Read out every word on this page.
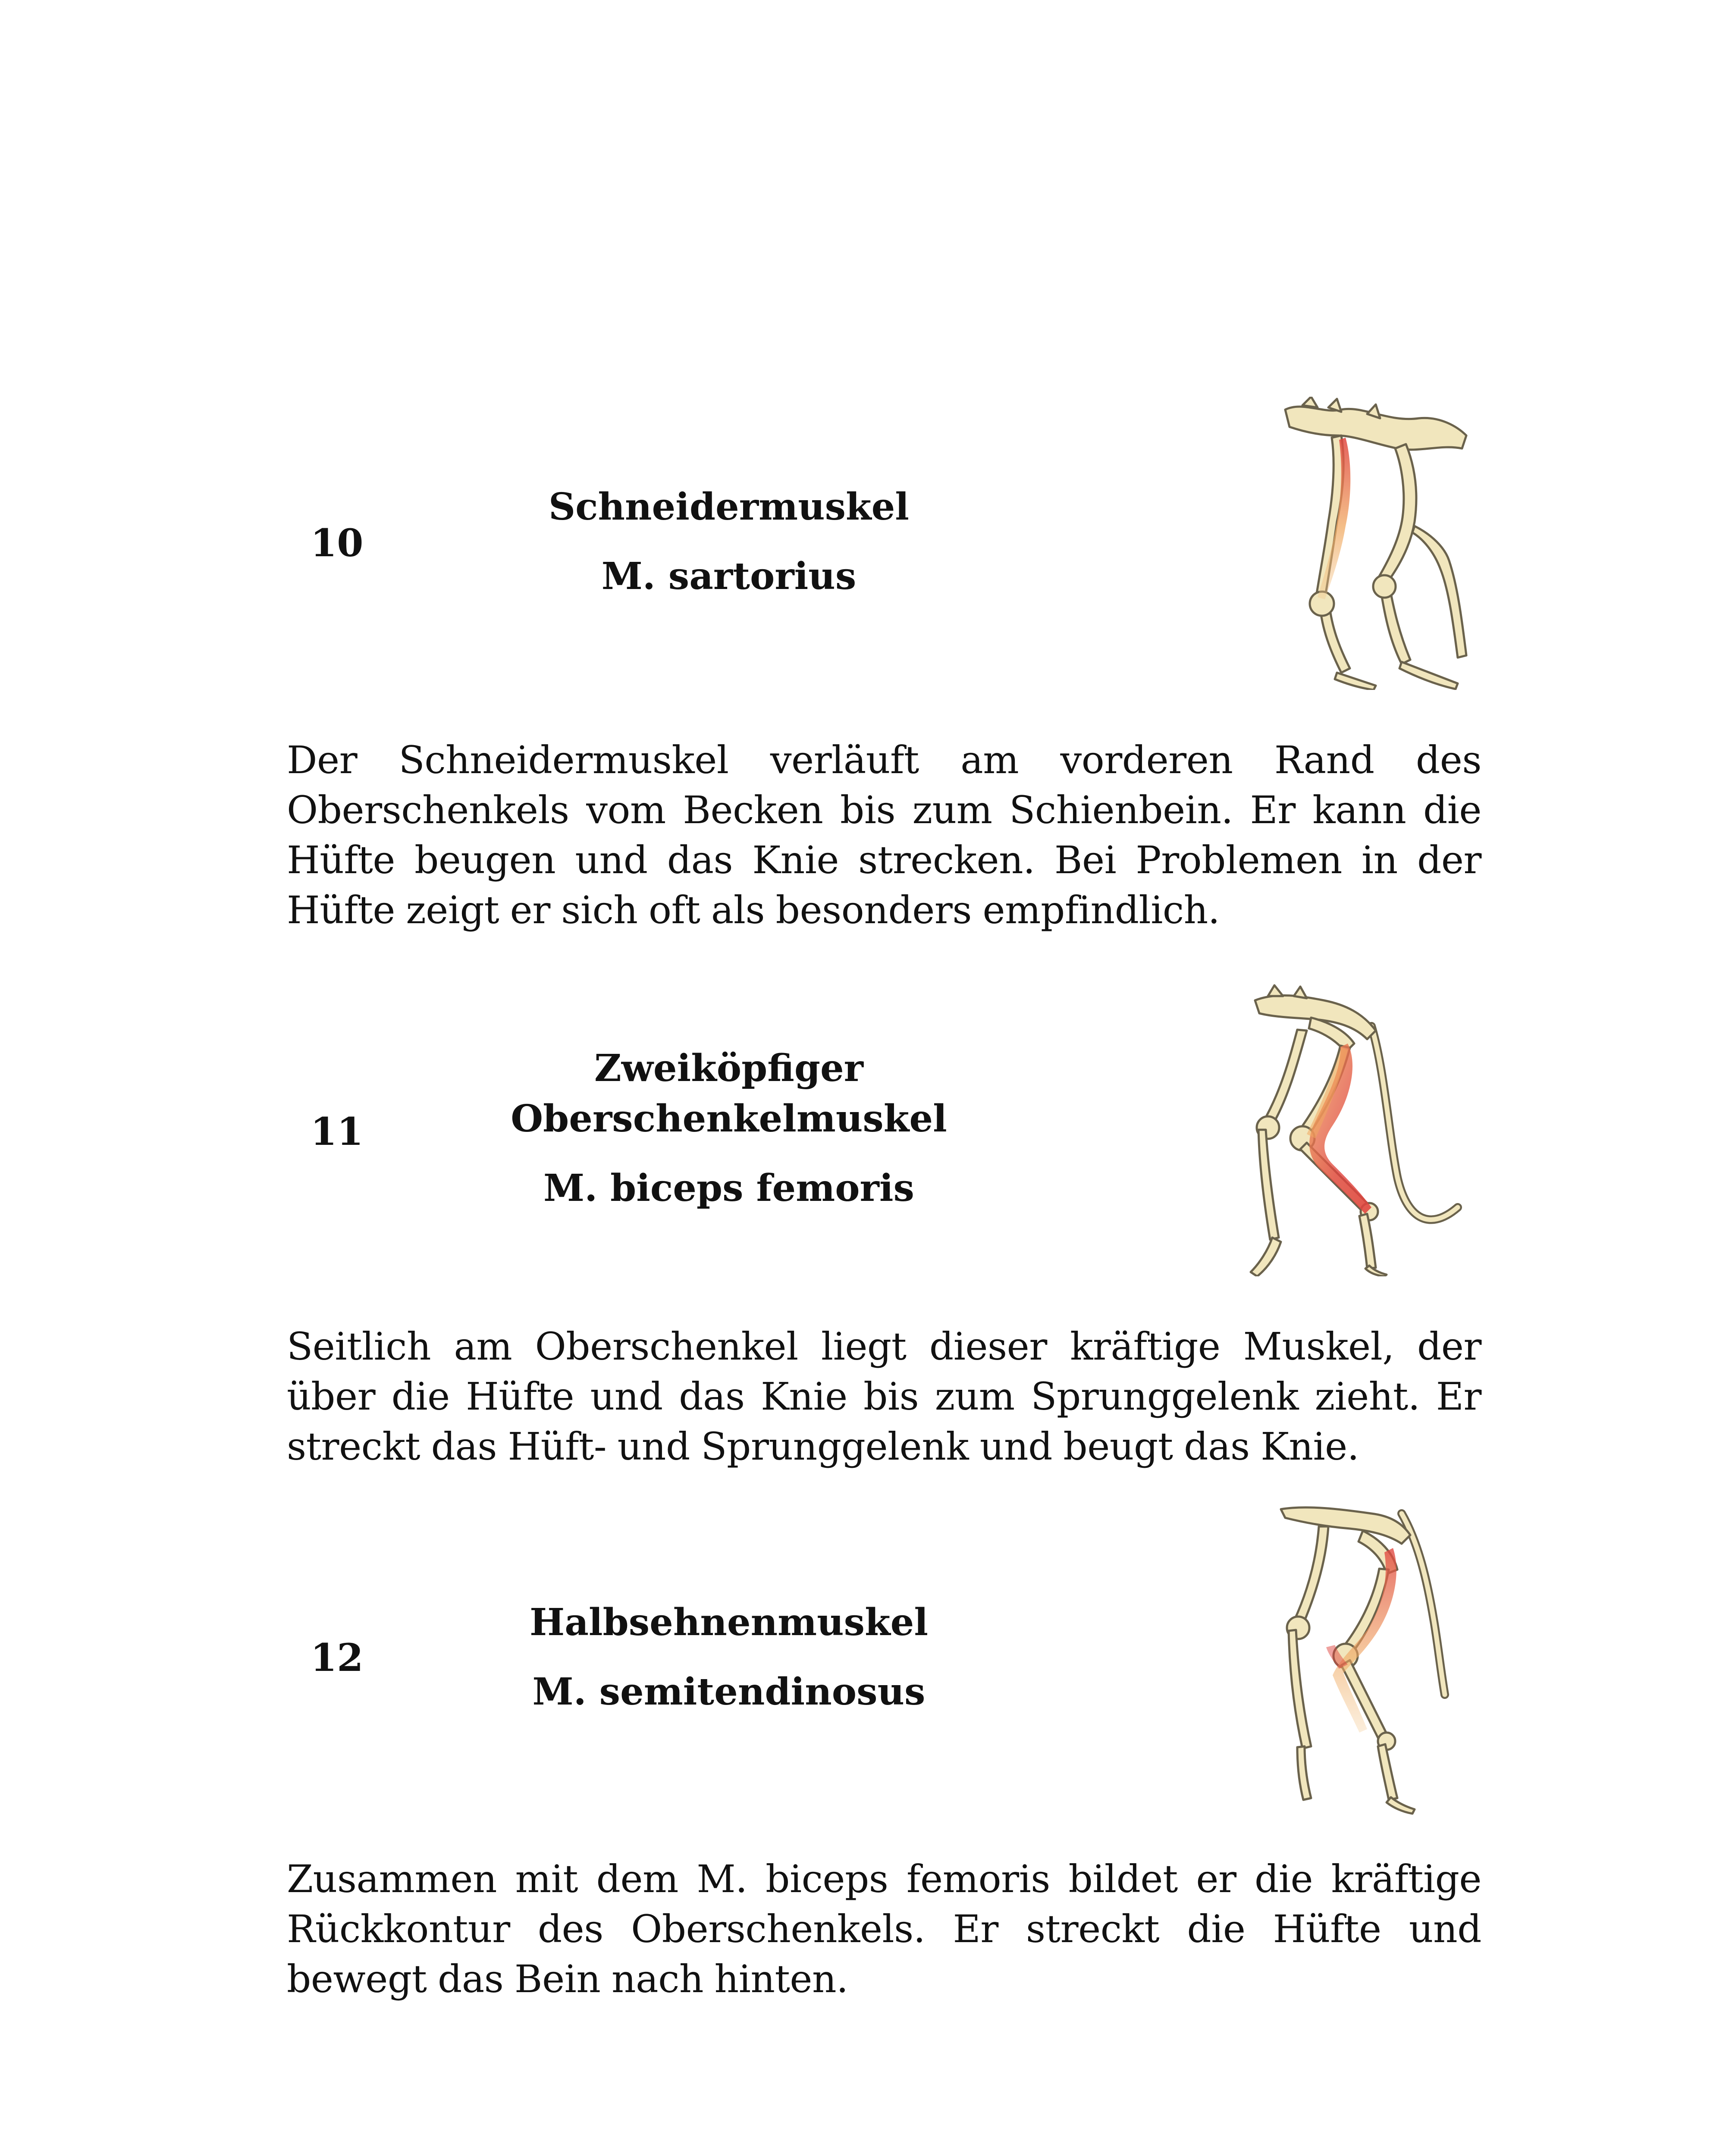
10
Schneidermuskel
M. sartorius

Der Schneidermuskel verläuft am vorderen Rand des Oberschenkels vom Becken bis zum Schienbein. Er kann die Hüfte beugen und das Knie strecken. Bei Problemen in der Hüfte zeigt er sich oft als besonders empfindlich.

11
Zweiköpfiger Oberschenkelmuskel
M. biceps femoris

Seitlich am Oberschenkel liegt dieser kräftige Muskel, der über die Hüfte und das Knie bis zum Sprunggelenk zieht. Er streckt das Hüft- und Sprunggelenk und beugt das Knie.

12
Halbsehnenmuskel
M. semitendinosus

Zusammen mit dem M. biceps femoris bildet er die kräftige Rückkontur des Oberschenkels. Er streckt die Hüfte und bewegt das Bein nach hinten.
